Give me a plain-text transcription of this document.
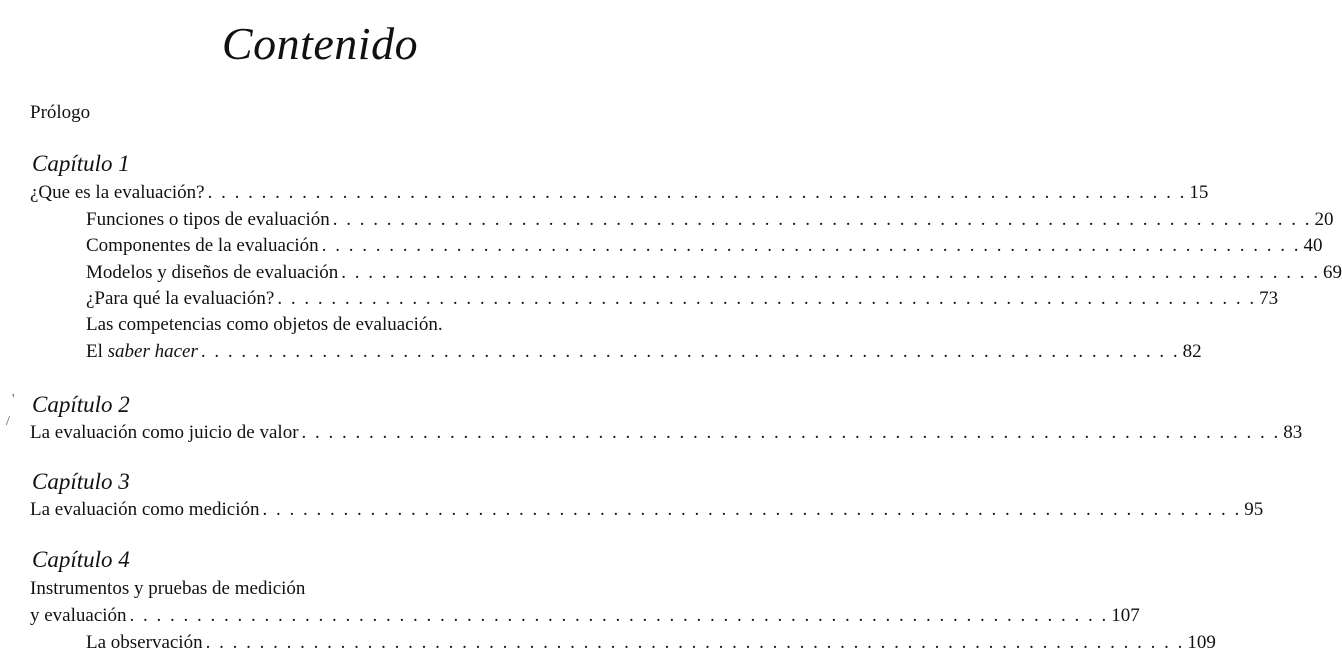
Contenido
Prólogo
Capítulo 1
¿Que es la evaluación? . . . . . . . . . . . . . . . . . . . . . . . . . . . . . . . . . . . . . . . . . . . . . . . . . . . . . . . . . . . . . . . . . . . . . . . . . 15
Funciones o tipos de evaluación . . . . . . . . . . . . . . . . . . . . . . . . . . . . . . . . . . . . . . . . . . . . . . . . . . . . . . . . . . . . . . . . . . . . . . . . . 20
Componentes de la evaluación . . . . . . . . . . . . . . . . . . . . . . . . . . . . . . . . . . . . . . . . . . . . . . . . . . . . . . . . . . . . . . . . . . . . . . . . . 40
Modelos y diseños de evaluación . . . . . . . . . . . . . . . . . . . . . . . . . . . . . . . . . . . . . . . . . . . . . . . . . . . . . . . . . . . . . . . . . . . . . . . . . 69
¿Para qué la evaluación? . . . . . . . . . . . . . . . . . . . . . . . . . . . . . . . . . . . . . . . . . . . . . . . . . . . . . . . . . . . . . . . . . . . . . . . . . 73
Las competencias como objetos de evaluación.
El saber hacer . . . . . . . . . . . . . . . . . . . . . . . . . . . . . . . . . . . . . . . . . . . . . . . . . . . . . . . . . . . . . . . . . . . . . . . . . 82
Capítulo 2
La evaluación como juicio de valor . . . . . . . . . . . . . . . . . . . . . . . . . . . . . . . . . . . . . . . . . . . . . . . . . . . . . . . . . . . . . . . . . . . . . . . . . 83
Capítulo 3
La evaluación como medición . . . . . . . . . . . . . . . . . . . . . . . . . . . . . . . . . . . . . . . . . . . . . . . . . . . . . . . . . . . . . . . . . . . . . . . . . 95
Capítulo 4
Instrumentos y pruebas de medición
y evaluación . . . . . . . . . . . . . . . . . . . . . . . . . . . . . . . . . . . . . . . . . . . . . . . . . . . . . . . . . . . . . . . . . . . . . . . . . 107
La observación . . . . . . . . . . . . . . . . . . . . . . . . . . . . . . . . . . . . . . . . . . . . . . . . . . . . . . . . . . . . . . . . . . . . . . . . . 109
'
/
